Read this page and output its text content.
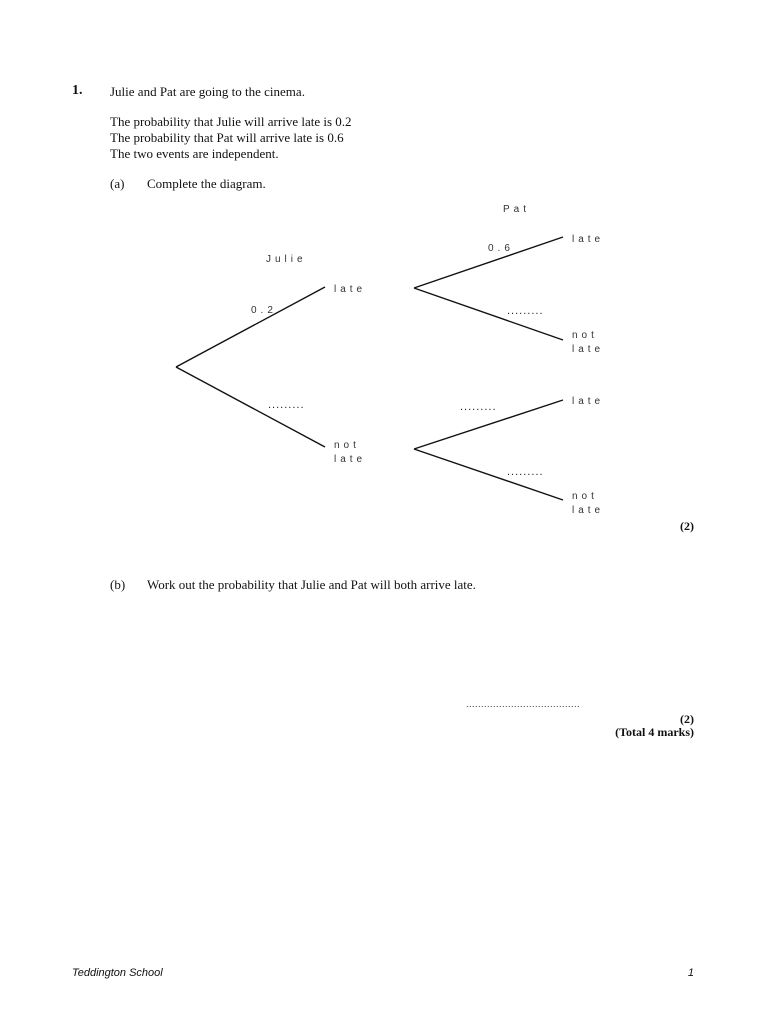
1. Julie and Pat are going to the cinema.
The probability that Julie will arrive late is 0.2
The probability that Pat will arrive late is 0.6
The two events are independent.
(a) Complete the diagram.
Pat
Julie
late
not
late
late
not
late
late
not
late
0.2
0.6
.........
.........
.........
.........
(2)
(b) Work out the probability that Julie and Pat will both arrive late.
......................................
(2)
(Total 4 marks)
Teddington School	1
